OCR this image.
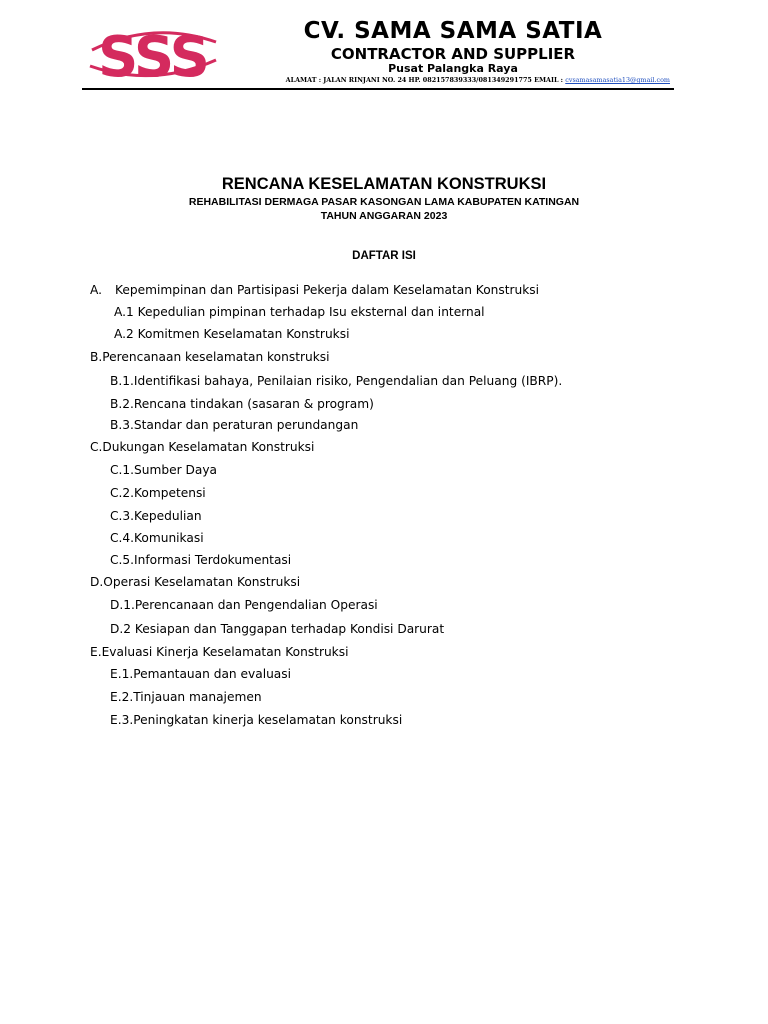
SSS	CV. SAMA SAMA SATIA
CONTRACTOR AND SUPPLIER
Pusat Palangka Raya
ALAMAT : JALAN RINJANI NO. 24 HP. 082157839333/081349291775 EMAIL : cvsamasamasatia13@gmail.com
RENCANA KESELAMATAN KONSTRUKSI
REHABILITASI DERMAGA PASAR KASONGAN LAMA KABUPATEN KATINGAN
TAHUN ANGGARAN 2023
DAFTAR ISI
A. Kepemimpinan dan Partisipasi Pekerja dalam Keselamatan Konstruksi
A.1 Kepedulian pimpinan terhadap Isu eksternal dan internal
A.2 Komitmen Keselamatan Konstruksi
B.Perencanaan keselamatan konstruksi
B.1.Identifikasi bahaya, Penilaian risiko, Pengendalian dan Peluang (IBRP).
B.2.Rencana tindakan (sasaran & program)
B.3.Standar dan peraturan perundangan
C.Dukungan Keselamatan Konstruksi
C.1.Sumber Daya
C.2.Kompetensi
C.3.Kepedulian
C.4.Komunikasi
C.5.Informasi Terdokumentasi
D.Operasi Keselamatan Konstruksi
D.1.Perencanaan dan Pengendalian Operasi
D.2 Kesiapan dan Tanggapan terhadap Kondisi Darurat
E.Evaluasi Kinerja Keselamatan Konstruksi
E.1.Pemantauan dan evaluasi
E.2.Tinjauan manajemen
E.3.Peningkatan kinerja keselamatan konstruksi
